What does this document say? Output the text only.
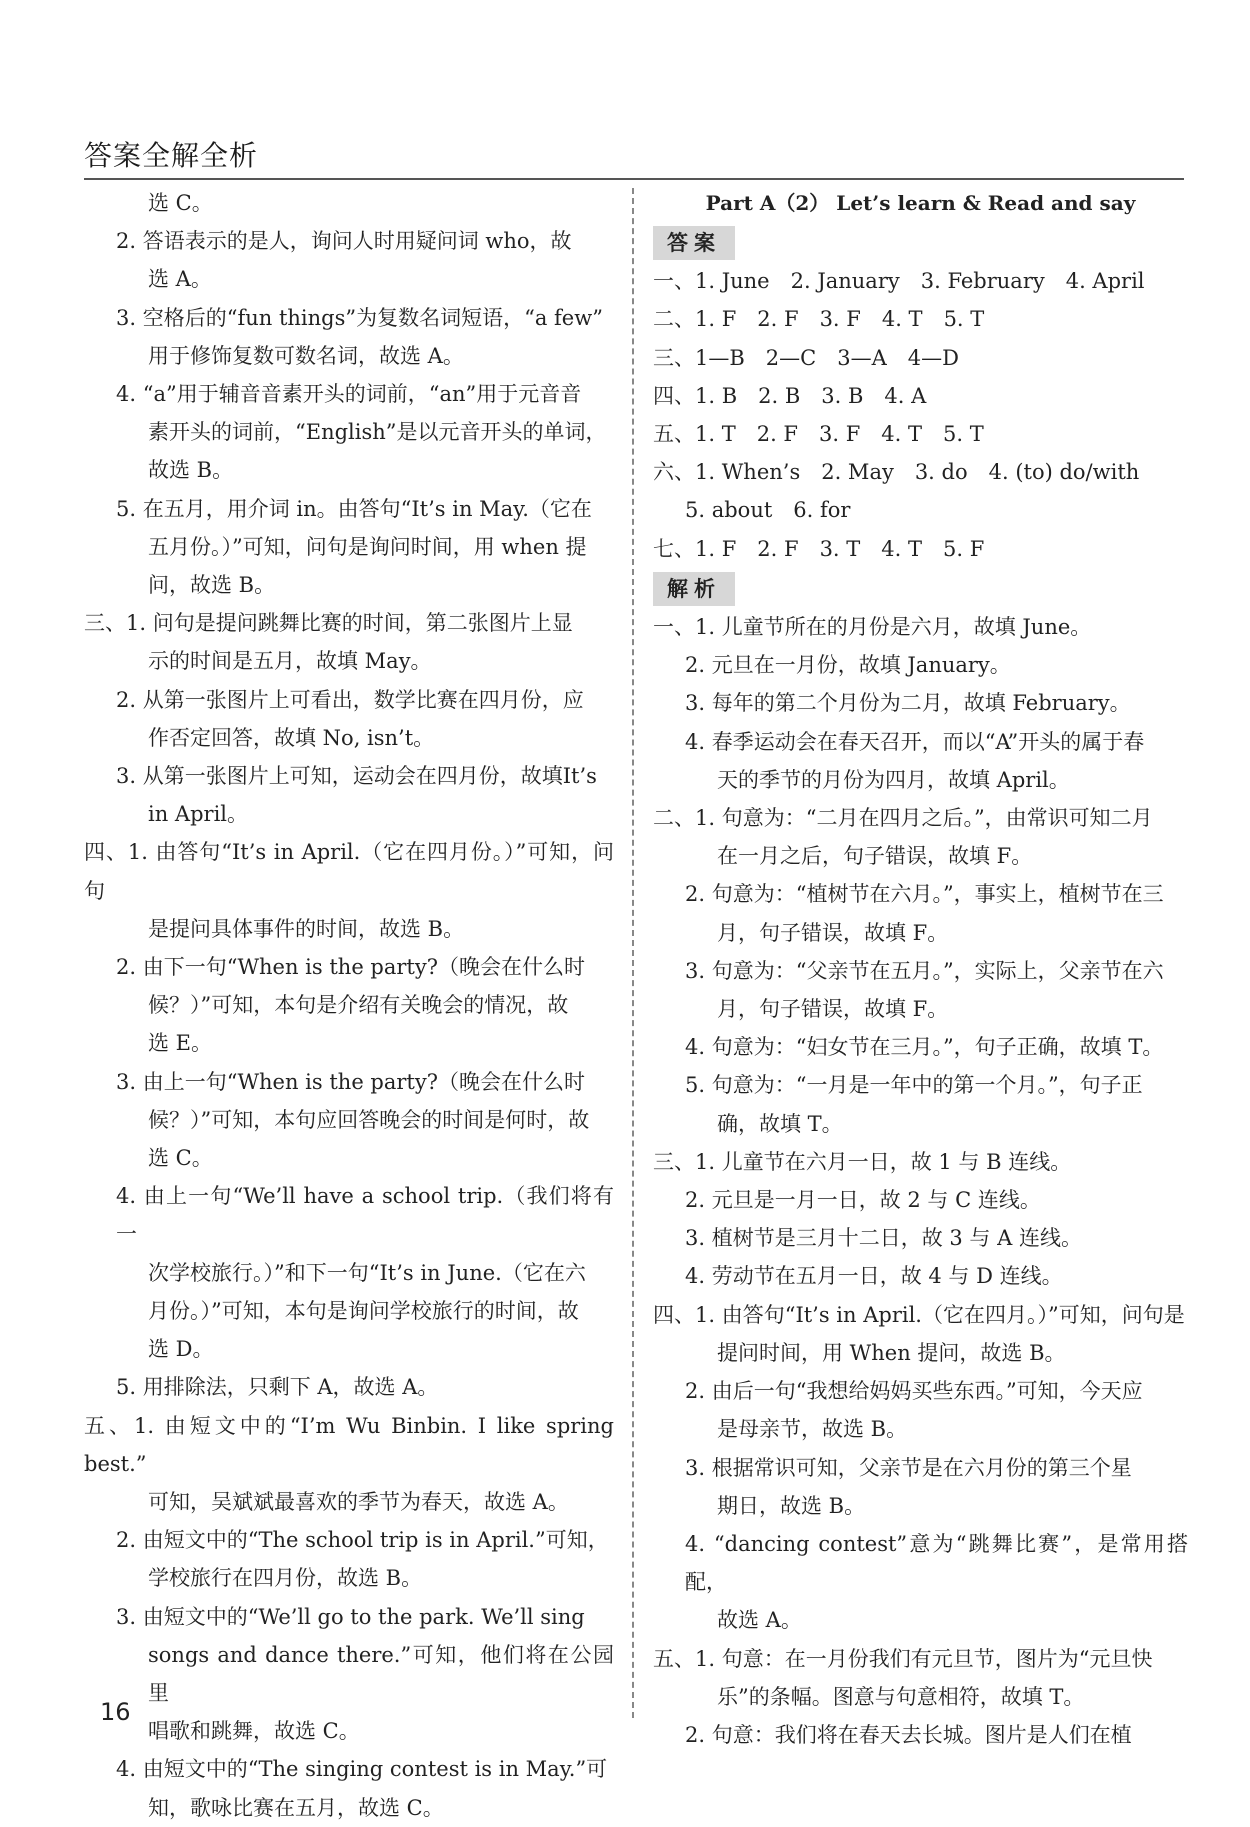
答案全解全析
选 C。
2. 答语表示的是人，询问人时用疑问词 who，故
选 A。
3. 空格后的“fun things”为复数名词短语，“a few”
用于修饰复数可数名词，故选 A。
4. “a”用于辅音音素开头的词前，“an”用于元音音
素开头的词前，“English”是以元音开头的单词，
故选 B。
5. 在五月，用介词 in。由答句“It’s in May.（它在
五月份。）”可知，问句是询问时间，用 when 提
问，故选 B。
三、1. 问句是提问跳舞比赛的时间，第二张图片上显
示的时间是五月，故填 May。
2. 从第一张图片上可看出，数学比赛在四月份，应
作否定回答，故填 No, isn’t。
3. 从第一张图片上可知，运动会在四月份，故填It’s
in April。
四、1. 由答句“It’s in April.（它在四月份。）”可知，问句
是提问具体事件的时间，故选 B。
2. 由下一句“When is the party?（晚会在什么时
候？）”可知，本句是介绍有关晚会的情况，故
选 E。
3. 由上一句“When is the party?（晚会在什么时
候？）”可知，本句应回答晚会的时间是何时，故
选 C。
4. 由上一句“We’ll have a school trip.（我们将有一
次学校旅行。）”和下一句“It’s in June.（它在六
月份。）”可知，本句是询问学校旅行的时间，故
选 D。
5. 用排除法，只剩下 A，故选 A。
五、1. 由短文中的“I’m Wu Binbin. I like spring best.”
可知，吴斌斌最喜欢的季节为春天，故选 A。
2. 由短文中的“The school trip is in April.”可知，
学校旅行在四月份，故选 B。
3. 由短文中的“We’ll go to the park. We’ll sing
songs and dance there.”可知，他们将在公园里
唱歌和跳舞，故选 C。
4. 由短文中的“The singing contest is in May.”可
知，歌咏比赛在五月，故选 C。
Part A（2） Let’s learn & Read and say
答案
一、1. June　2. January　3. February　4. April
二、1. F　2. F　3. F　4. T　5. T
三、1—B　2—C　3—A　4—D
四、1. B　2. B　3. B　4. A
五、1. T　2. F　3. F　4. T　5. T
六、1. When’s　2. May　3. do　4. (to) do/with
5. about　6. for
七、1. F　2. F　3. T　4. T　5. F
解析
一、1. 儿童节所在的月份是六月，故填 June。
2. 元旦在一月份，故填 January。
3. 每年的第二个月份为二月，故填 February。
4. 春季运动会在春天召开，而以“A”开头的属于春
天的季节的月份为四月，故填 April。
二、1. 句意为：“二月在四月之后。”，由常识可知二月
在一月之后，句子错误，故填 F。
2. 句意为：“植树节在六月。”，事实上，植树节在三
月，句子错误，故填 F。
3. 句意为：“父亲节在五月。”，实际上，父亲节在六
月，句子错误，故填 F。
4. 句意为：“妇女节在三月。”，句子正确，故填 T。
5. 句意为：“一月是一年中的第一个月。”，句子正
确，故填 T。
三、1. 儿童节在六月一日，故 1 与 B 连线。
2. 元旦是一月一日，故 2 与 C 连线。
3. 植树节是三月十二日，故 3 与 A 连线。
4. 劳动节在五月一日，故 4 与 D 连线。
四、1. 由答句“It’s in April.（它在四月。）”可知，问句是
提问时间，用 When 提问，故选 B。
2. 由后一句“我想给妈妈买些东西。”可知，今天应
是母亲节，故选 B。
3. 根据常识可知，父亲节是在六月份的第三个星
期日，故选 B。
4. “dancing contest”意为“跳舞比赛”，是常用搭配，
故选 A。
五、1. 句意：在一月份我们有元旦节，图片为“元旦快
乐”的条幅。图意与句意相符，故填 T。
2. 句意：我们将在春天去长城。图片是人们在植
16
